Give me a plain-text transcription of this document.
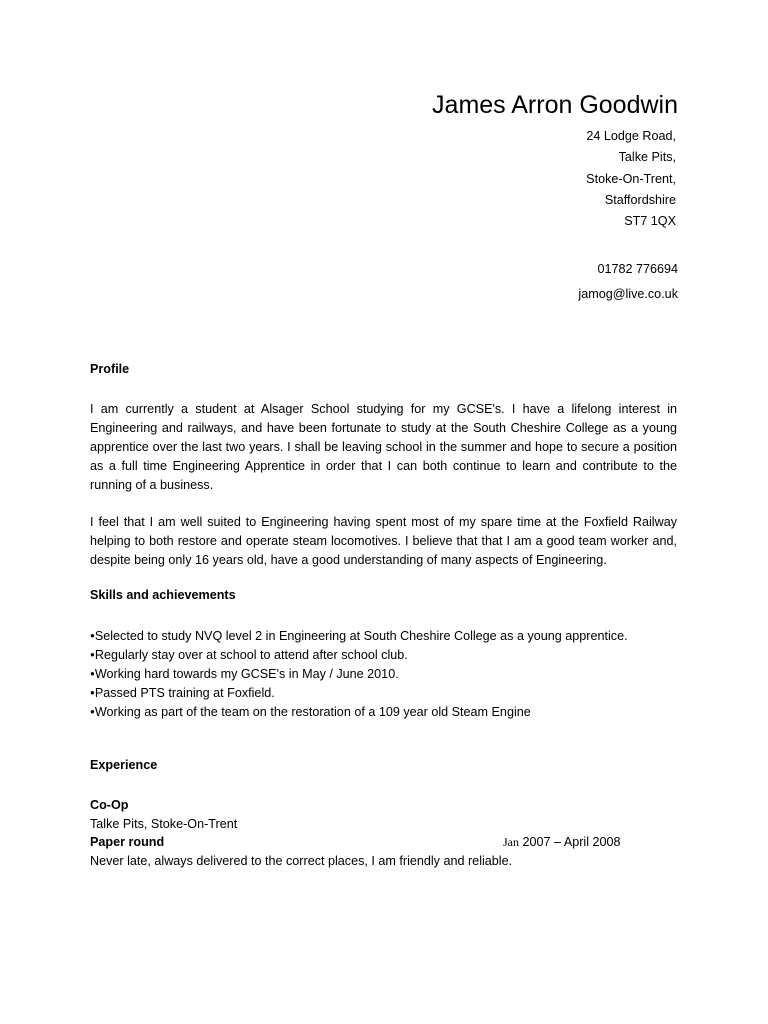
James Arron Goodwin
24 Lodge Road,
Talke Pits,
Stoke-On-Trent,
Staffordshire
ST7 1QX
01782 776694
jamog@live.co.uk
Profile

I am currently a student at Alsager School studying for my GCSE's. I have a lifelong interest in Engineering and railways, and have been fortunate to study at the South Cheshire College as a young apprentice over the last two years. I shall be leaving school in the summer and hope to secure a position as a full time Engineering Apprentice in order that I can both continue to learn and contribute to the running of a business.

I feel that I am well suited to Engineering having spent most of my spare time at the Foxfield Railway helping to both restore and operate steam locomotives. I believe that that I am a good team worker and, despite being only 16 years old, have a good understanding of many aspects of Engineering.

Skills and achievements
●Selected to study NVQ level 2 in Engineering at South Cheshire College as a young apprentice.
●Regularly stay over at school to attend after school club.
●Working hard towards my GCSE's in May / June 2010.
●Passed PTS training at Foxfield.
●Working as part of the team on the restoration of a 109 year old Steam Engine
Experience
Co-Op
Talke Pits, Stoke-On-Trent
Paper round	Jan 2007 – April 2008
Never late, always delivered to the correct places, I am friendly and reliable.
